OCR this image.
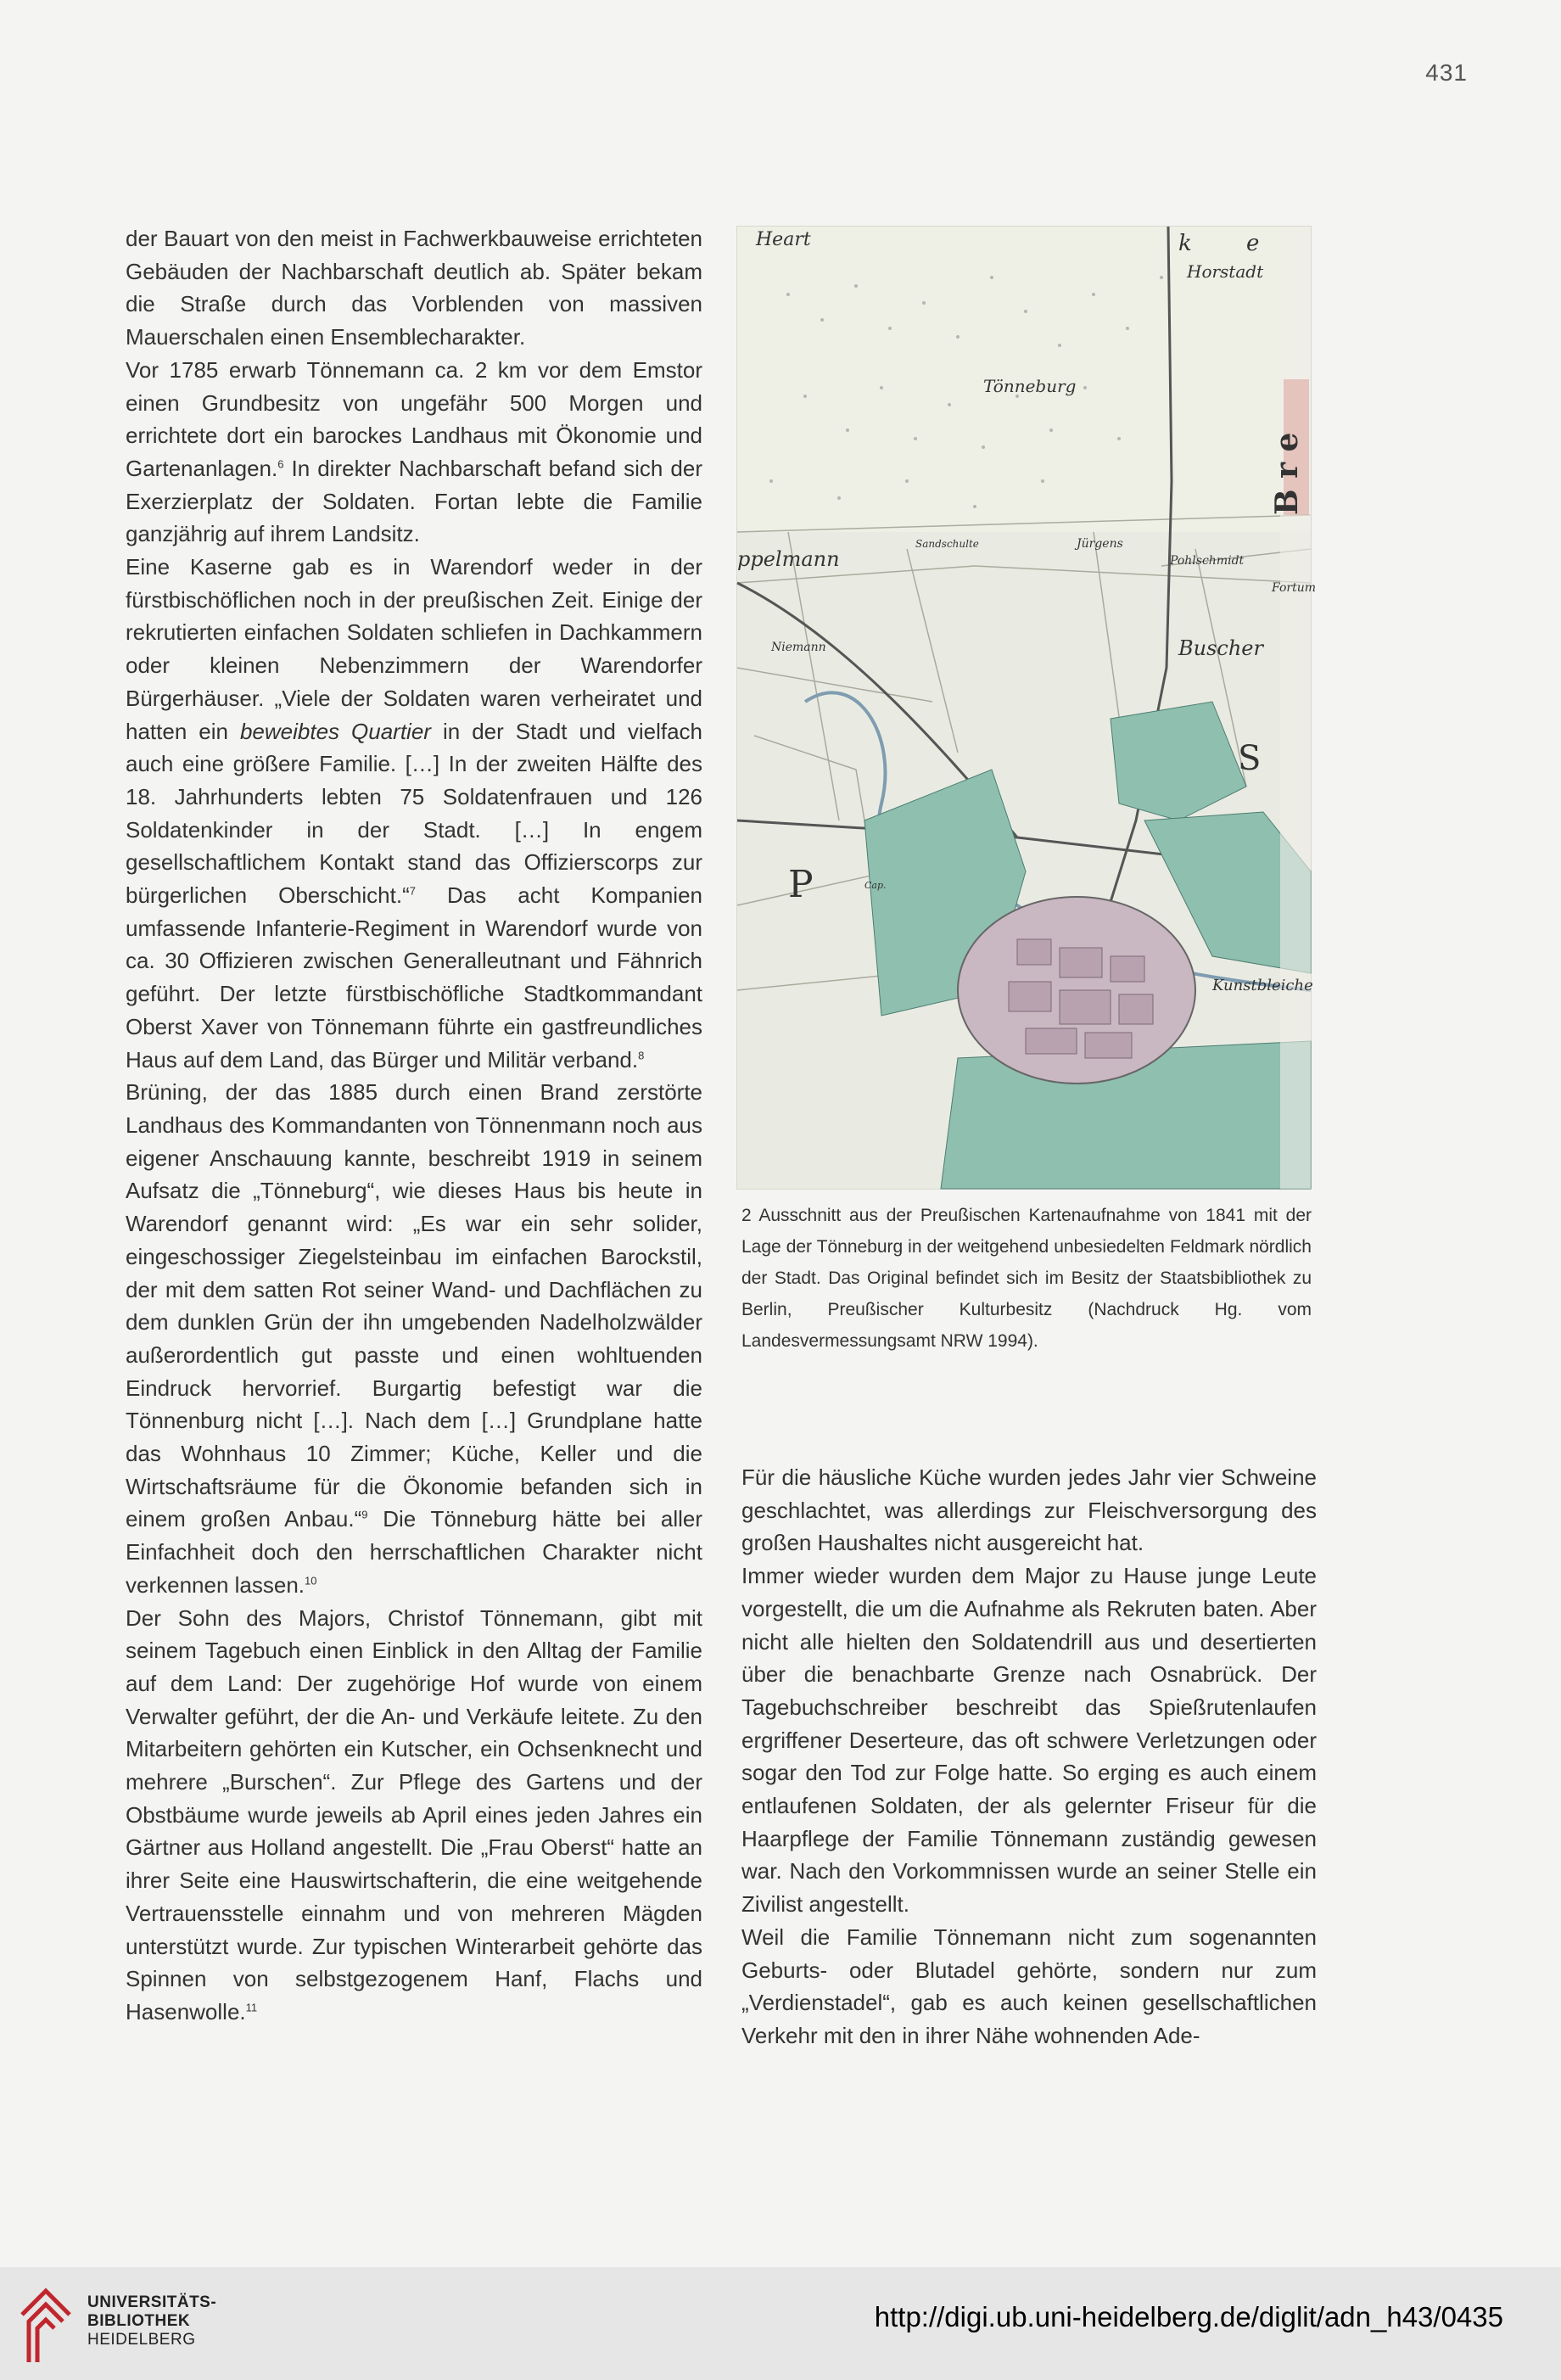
431

der Bauart von den meist in Fachwerkbauweise errichteten Gebäuden der Nachbarschaft deutlich ab. Später bekam die Straße durch das Vorblenden von massiven Mauerschalen einen Ensemblecharakter.

Vor 1785 erwarb Tönnemann ca. 2 km vor dem Emstor einen Grundbesitz von ungefähr 500 Morgen und errichtete dort ein barockes Landhaus mit Ökonomie und Gartenanlagen.$^6$ In direkter Nachbarschaft befand sich der Exerzierplatz der Soldaten. Fortan lebte die Familie ganzjährig auf ihrem Landsitz.

Eine Kaserne gab es in Warendorf weder in der fürstbischöflichen noch in der preußischen Zeit. Einige der rekrutierten einfachen Soldaten schliefen in Dachkammern oder kleinen Nebenzimmern der Warendorfer Bürgerhäuser. „Viele der Soldaten waren verheiratet und hatten ein beweibtes Quartier in der Stadt und vielfach auch eine größere Familie. […] In der zweiten Hälfte des 18. Jahrhunderts lebten 75 Soldatenfrauen und 126 Soldatenkinder in der Stadt. […] In engem gesellschaftlichem Kontakt stand das Offizierscorps zur bürgerlichen Oberschicht.“$^7$ Das acht Kompanien umfassende Infanterie-Regiment in Warendorf wurde von ca. 30 Offizieren zwischen Generalleutnant und Fähnrich geführt. Der letzte fürstbischöfliche Stadtkommandant Oberst Xaver von Tönnemann führte ein gastfreundliches Haus auf dem Land, das Bürger und Militär verband.$^8$

Brüning, der das 1885 durch einen Brand zerstörte Landhaus des Kommandanten von Tönnenmann noch aus eigener Anschauung kannte, beschreibt 1919 in seinem Aufsatz die „Tönneburg“, wie dieses Haus bis heute in Warendorf genannt wird: „Es war ein sehr solider, eingeschossiger Ziegelsteinbau im einfachen Barockstil, der mit dem satten Rot seiner Wand- und Dachflächen zu dem dunklen Grün der ihn umgebenden Nadelholzwälder außerordentlich gut passte und einen wohltuenden Eindruck hervorrief. Burgartig befestigt war die Tönnenburg nicht […]. Nach dem […] Grundplane hatte das Wohnhaus 10 Zimmer; Küche, Keller und die Wirtschaftsräume für die Ökonomie befanden sich in einem großen Anbau.“$^9$ Die Tönneburg hätte bei aller Einfachheit doch den herrschaftlichen Charakter nicht verkennen lassen.$^{10}$

Der Sohn des Majors, Christof Tönnemann, gibt mit seinem Tagebuch einen Einblick in den Alltag der Familie auf dem Land: Der zugehörige Hof wurde von einem Verwalter geführt, der die An- und Verkäufe leitete. Zu den Mitarbeitern gehörten ein Kutscher, ein Ochsenknecht und mehrere „Burschen“. Zur Pflege des Gartens und der Obstbäume wurde jeweils ab April eines jeden Jahres ein Gärtner aus Holland angestellt. Die „Frau Oberst“ hatte an ihrer Seite eine Hauswirtschafterin, die eine weitgehende Vertrauensstelle einnahm und von mehreren Mägden unterstützt wurde. Zur typischen Winterarbeit gehörte das Spinnen von selbstgezogenem Hanf, Flachs und Hasenwolle.$^{11}$

Heart	k e
Horstadt
Tönneburg
ppelmann
Sandschulte	Jürgens
Pohlschmidt
Fortum
Niemann	Buscher
S
P
Kunstbleiche
Cap.
B r e
2 Ausschnitt aus der Preußischen Kartenaufnahme von 1841 mit der Lage der Tönneburg in der weitgehend unbesiedelten Feldmark nördlich der Stadt. Das Original befindet sich im Besitz der Staatsbibliothek zu Berlin, Preußischer Kulturbesitz (Nachdruck Hg. vom Landesvermessungsamt NRW 1994).

Für die häusliche Küche wurden jedes Jahr vier Schweine geschlachtet, was allerdings zur Fleischversorgung des großen Haushaltes nicht ausgereicht hat.

Immer wieder wurden dem Major zu Hause junge Leute vorgestellt, die um die Aufnahme als Rekruten baten. Aber nicht alle hielten den Soldatendrill aus und desertierten über die benachbarte Grenze nach Osnabrück. Der Tagebuchschreiber beschreibt das Spießrutenlaufen ergriffener Deserteure, das oft schwere Verletzungen oder sogar den Tod zur Folge hatte. So erging es auch einem entlaufenen Soldaten, der als gelernter Friseur für die Haarpflege der Familie Tönnemann zuständig gewesen war. Nach den Vorkommnissen wurde an seiner Stelle ein Zivilist angestellt.

Weil die Familie Tönnemann nicht zum sogenannten Geburts- oder Blutadel gehörte, sondern nur zum „Verdienstadel“, gab es auch keinen gesellschaftlichen Verkehr mit den in ihrer Nähe wohnenden Ade-

UNIVERSITÄTS-
BIBLIOTHEK
HEIDELBERG
http://digi.ub.uni-heidelberg.de/diglit/adn_h43/0435
